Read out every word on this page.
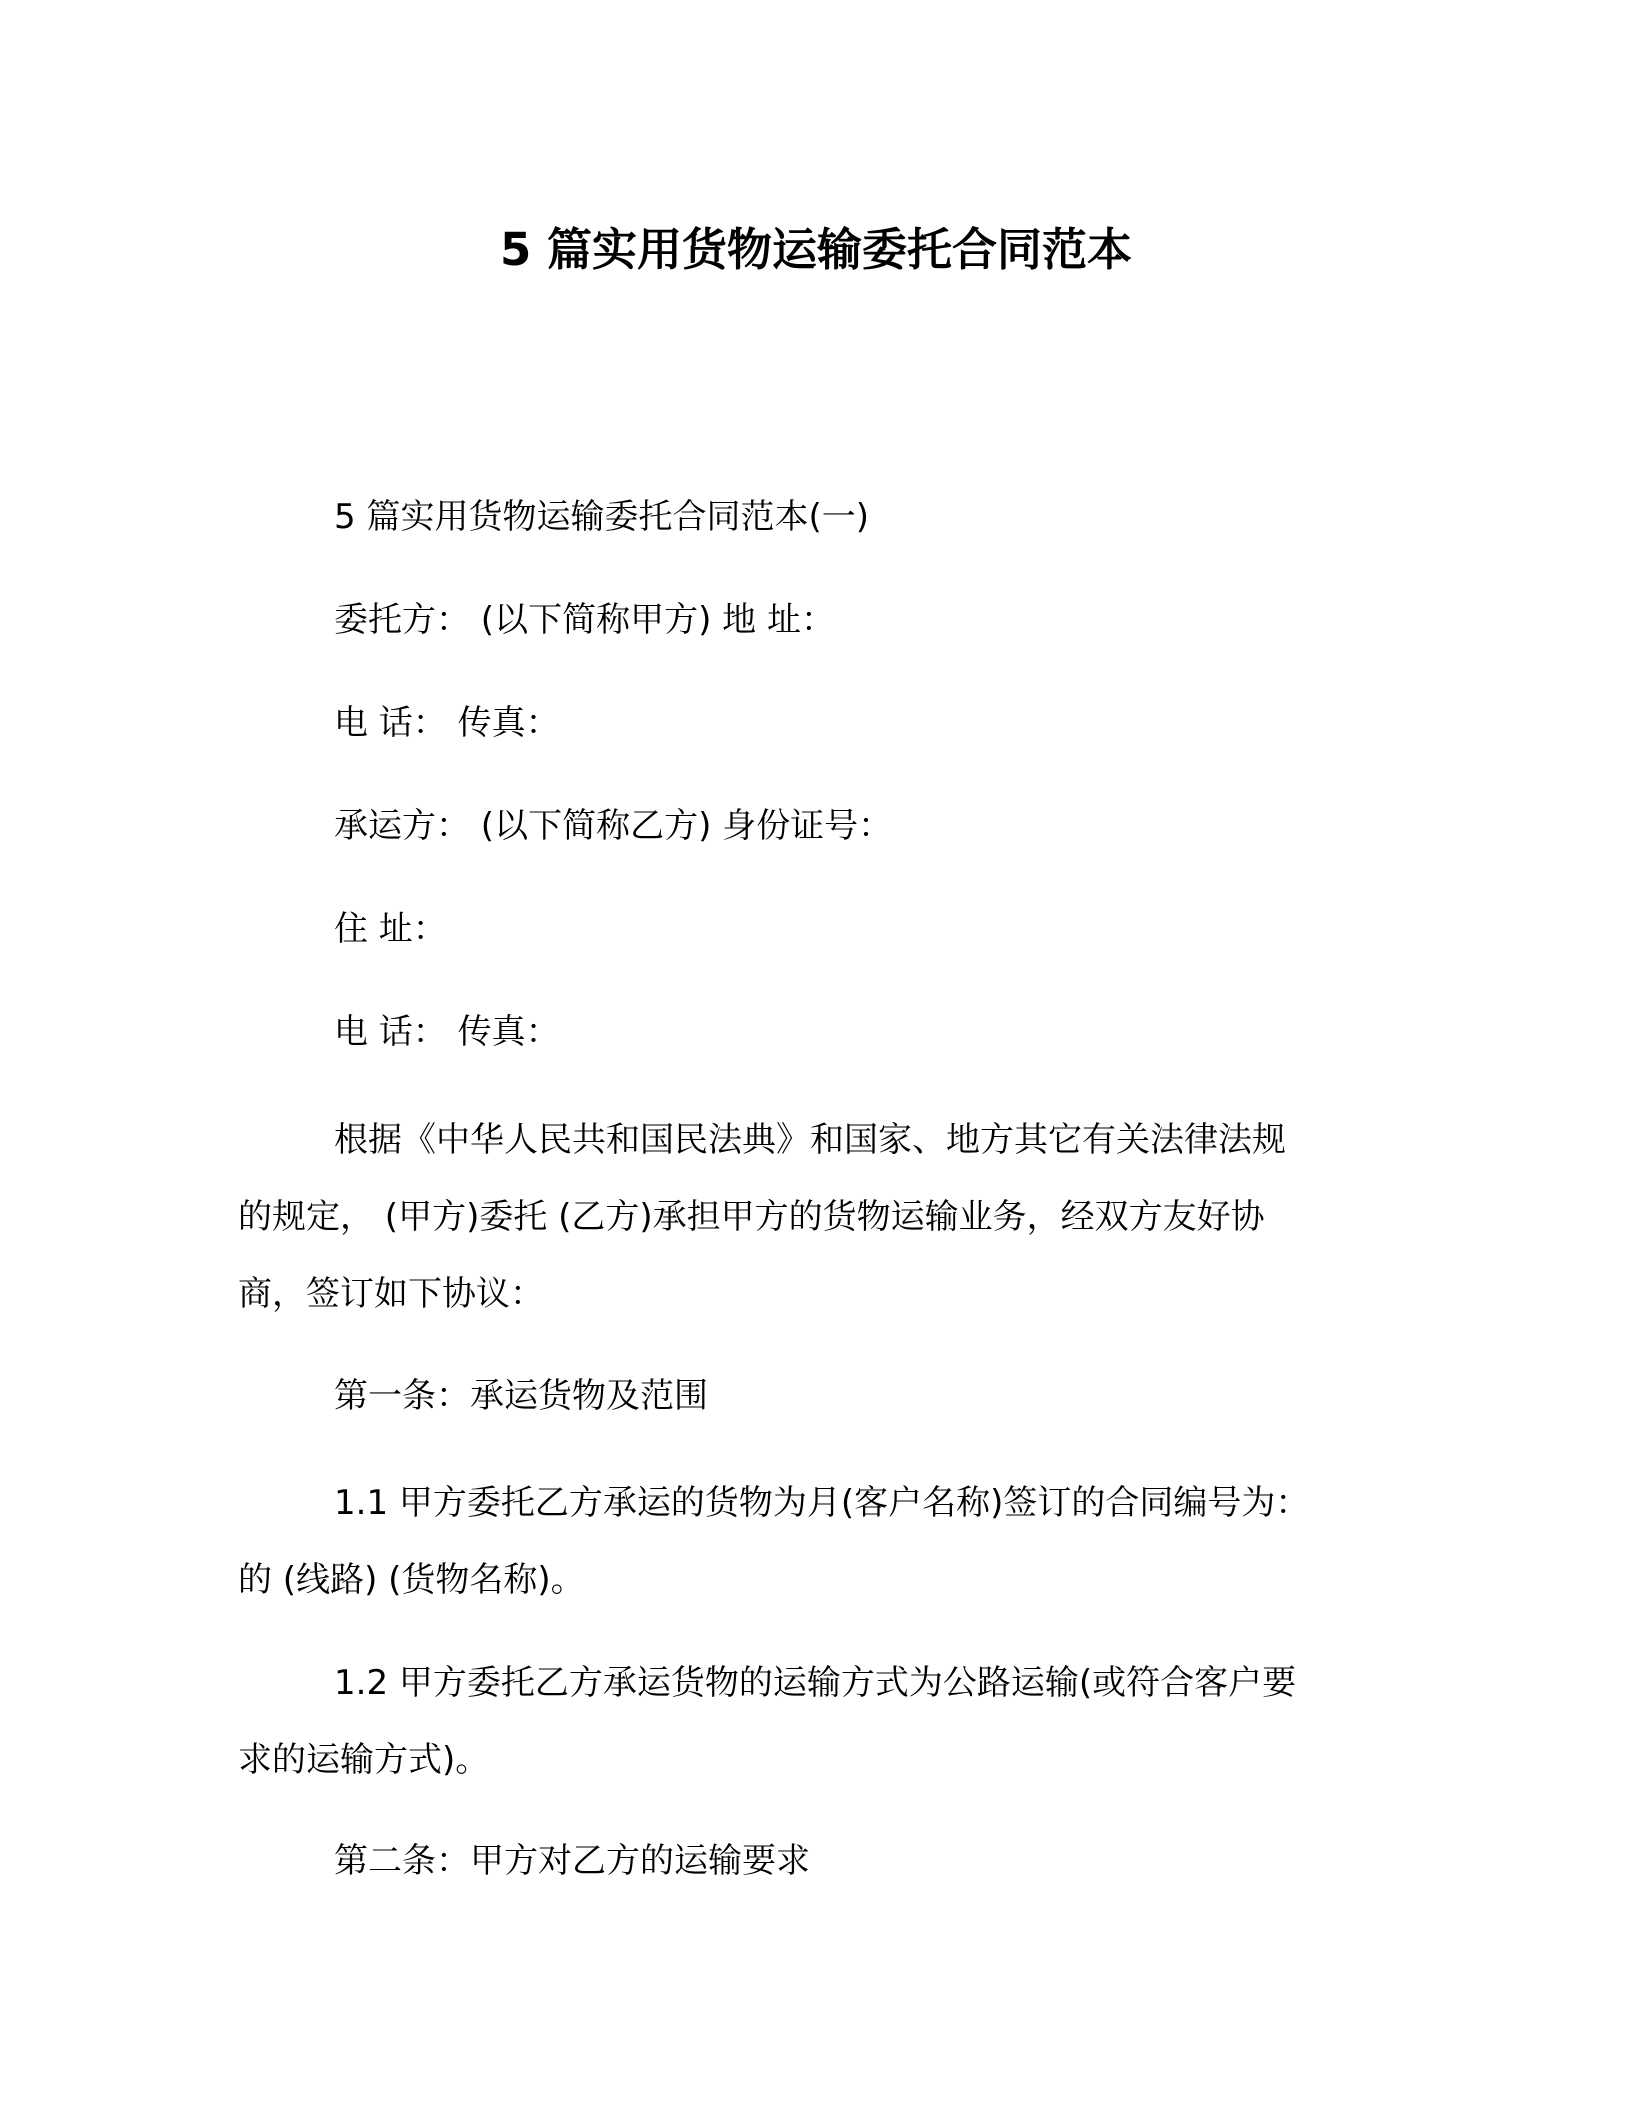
5 篇实用货物运输委托合同范本
5 篇实用货物运输委托合同范本(一)
委托方： (以下简称甲方) 地 址：
电 话： 传真：
承运方： (以下简称乙方) 身份证号：
住 址：
电 话： 传真：
根据《中华人民共和国民法典》和国家、地方其它有关法律法规
的规定， (甲方)委托 (乙方)承担甲方的货物运输业务，经双方友好协
商，签订如下协议：
第一条：承运货物及范围
1.1 甲方委托乙方承运的货物为月(客户名称)签订的合同编号为：
的 (线路) (货物名称)。
1.2 甲方委托乙方承运货物的运输方式为公路运输(或符合客户要
求的运输方式)。
第二条：甲方对乙方的运输要求
